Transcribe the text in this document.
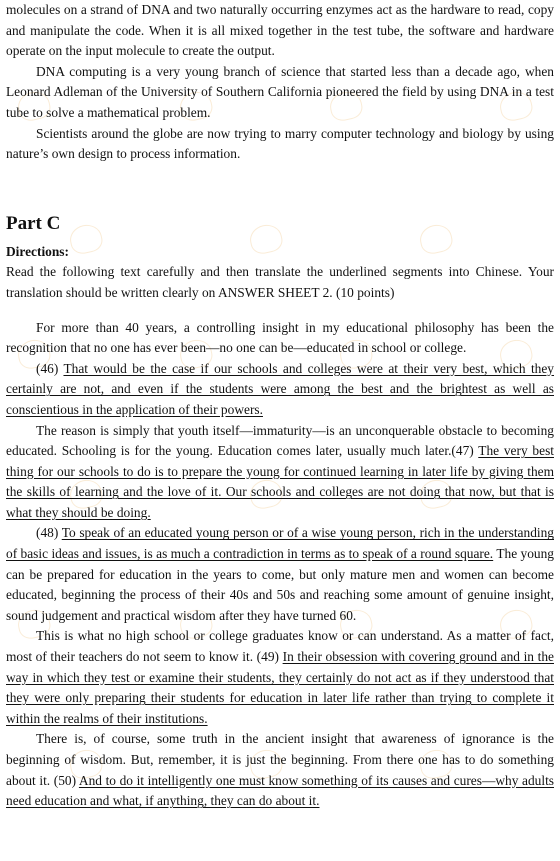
molecules on a strand of DNA and two naturally occurring enzymes act as the hardware to read, copy and manipulate the code. When it is all mixed together in the test tube, the software and hardware operate on the input molecule to create the output.

DNA computing is a very young branch of science that started less than a decade ago, when Leonard Adleman of the University of Southern California pioneered the field by using DNA in a test tube to solve a mathematical problem.

Scientists around the globe are now trying to marry computer technology and biology by using nature’s own design to process information.

Part C
Directions:

Read the following text carefully and then translate the underlined segments into Chinese. Your translation should be written clearly on ANSWER SHEET 2. (10 points)

For more than 40 years, a controlling insight in my educational philosophy has been the recognition that no one has ever been—no one can be—educated in school or college.

(46) That would be the case if our schools and colleges were at their very best, which they certainly are not, and even if the students were among the best and the brightest as well as conscientious in the application of their powers.

The reason is simply that youth itself—immaturity—is an unconquerable obstacle to becoming educated. Schooling is for the young. Education comes later, usually much later.(47) The very best thing for our schools to do is to prepare the young for continued learning in later life by giving them the skills of learning and the love of it. Our schools and colleges are not doing that now, but that is what they should be doing.

(48) To speak of an educated young person or of a wise young person, rich in the understanding of basic ideas and issues, is as much a contradiction in terms as to speak of a round square. The young can be prepared for education in the years to come, but only mature men and women can become educated, beginning the process of their 40s and 50s and reaching some amount of genuine insight, sound judgement and practical wisdom after they have turned 60.

This is what no high school or college graduates know or can understand. As a matter of fact, most of their teachers do not seem to know it. (49) In their obsession with covering ground and in the way in which they test or examine their students, they certainly do not act as if they understood that they were only preparing their students for education in later life rather than trying to complete it within the realms of their institutions.

There is, of course, some truth in the ancient insight that awareness of ignorance is the beginning of wisdom. But, remember, it is just the beginning. From there one has to do something about it. (50) And to do it intelligently one must know something of its causes and cures—why adults need education and what, if anything, they can do about it.
